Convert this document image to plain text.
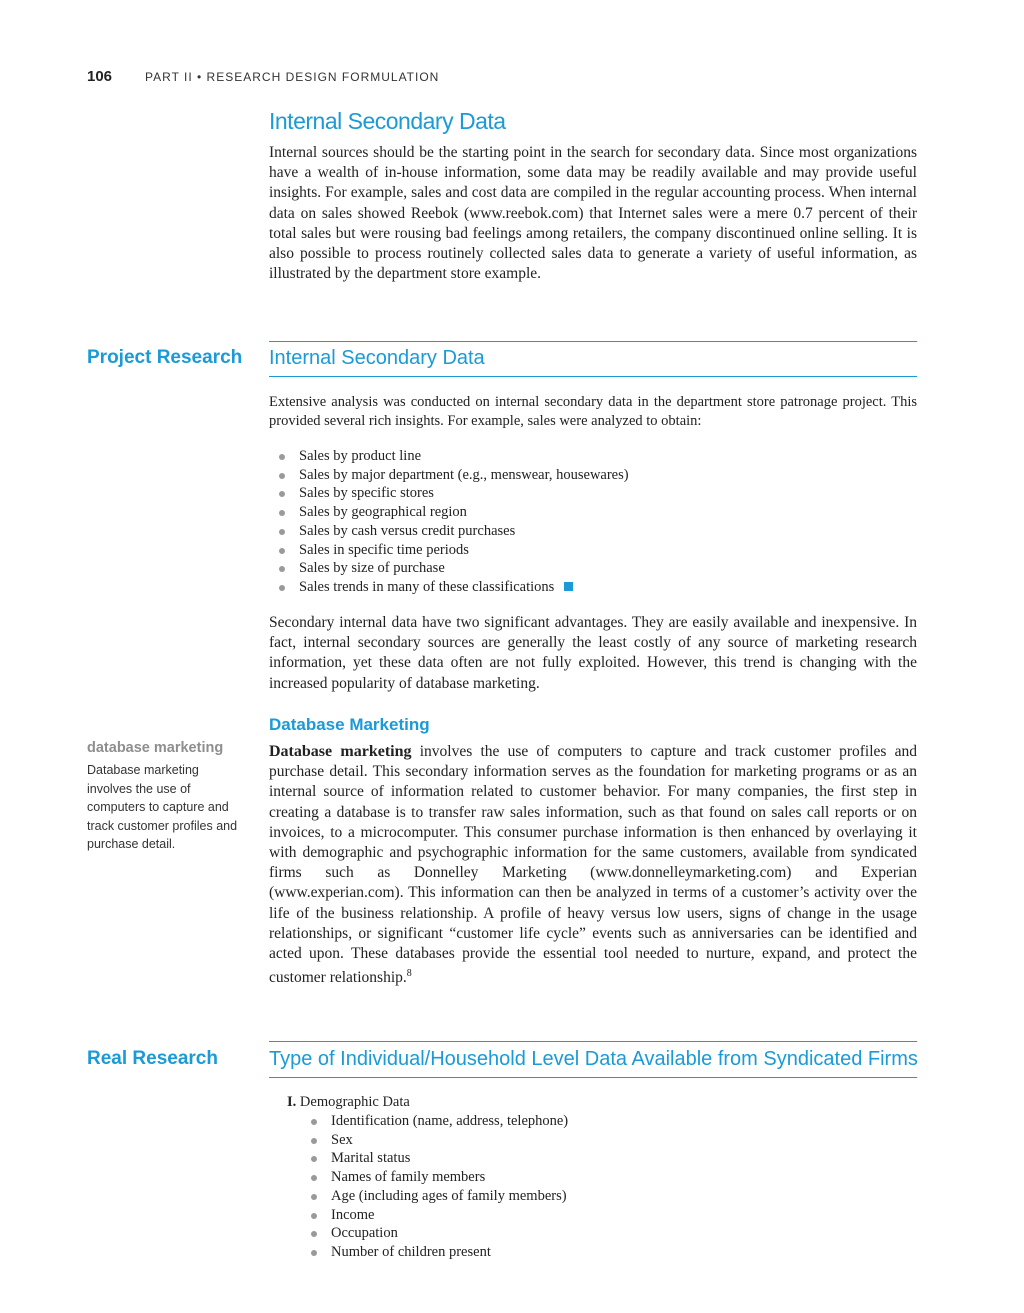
106	PART II • RESEARCH DESIGN FORMULATION
Internal Secondary Data
Internal sources should be the starting point in the search for secondary data. Since most organizations have a wealth of in-house information, some data may be readily available and may provide useful insights. For example, sales and cost data are compiled in the regular accounting process. When internal data on sales showed Reebok (www.reebok.com) that Internet sales were a mere 0.7 percent of their total sales but were rousing bad feelings among retailers, the company discontinued online selling. It is also possible to process routinely collected sales data to generate a variety of useful information, as illustrated by the department store example.
Project Research Internal Secondary Data
Extensive analysis was conducted on internal secondary data in the department store patronage project. This provided several rich insights. For example, sales were analyzed to obtain:
Sales by product line
Sales by major department (e.g., menswear, housewares)
Sales by specific stores
Sales by geographical region
Sales by cash versus credit purchases
Sales in specific time periods
Sales by size of purchase
Sales trends in many of these classifications
Secondary internal data have two significant advantages. They are easily available and inexpensive. In fact, internal secondary sources are generally the least costly of any source of marketing research information, yet these data often are not fully exploited. However, this trend is changing with the increased popularity of database marketing.
Database Marketing
database marketing
Database marketing involves the use of computers to capture and track customer profiles and purchase detail.
Database marketing involves the use of computers to capture and track customer profiles and purchase detail. This secondary information serves as the foundation for marketing programs or as an internal source of information related to customer behavior. For many companies, the first step in creating a database is to transfer raw sales information, such as that found on sales call reports or on invoices, to a microcomputer. This consumer purchase information is then enhanced by overlaying it with demographic and psychographic information for the same customers, available from syndicated firms such as Donnelley Marketing (www.donnelleymarketing.com) and Experian (www.experian.com). This information can then be analyzed in terms of a customer’s activity over the life of the business relationship. A profile of heavy versus low users, signs of change in the usage relationships, or significant “customer life cycle” events such as anniversaries can be identified and acted upon. These databases provide the essential tool needed to nurture, expand, and protect the customer relationship.$^8$
Real Research	Type of Individual/Household Level Data Available from Syndicated Firms
I. Demographic Data
Identification (name, address, telephone)
Sex
Marital status
Names of family members
Age (including ages of family members)
Income
Occupation
Number of children present
